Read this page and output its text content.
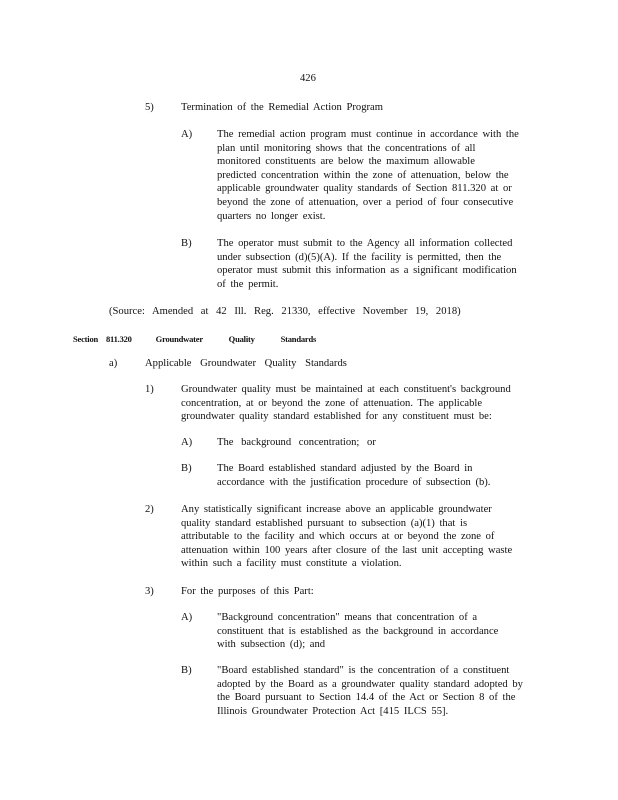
426
5)	Termination of the Remedial Action Program
A) The remedial action program must continue in accordance with the
plan until monitoring shows that the concentrations of all
monitored constituents are below the maximum allowable
predicted concentration within the zone of attenuation, below the
applicable groundwater quality standards of Section 811.320 at or
beyond the zone of attenuation, over a period of four consecutive
quarters no longer exist.
B) The operator must submit to the Agency all information collected
under subsection (d)(5)(A). If the facility is permitted, then the
operator must submit this information as a significant modification
of the permit.
(Source: Amended at 42 Ill. Reg. 21330, effective November 19, 2018)
Section 811.320	Groundwater Quality Standards
a)	Applicable Groundwater Quality Standards
1)	Groundwater quality must be maintained at each constituent's background
concentration, at or beyond the zone of attenuation. The applicable
groundwater quality standard established for any constituent must be:
A) The background concentration; or
B) The Board established standard adjusted by the Board in
accordance with the justification procedure of subsection (b).
2)	Any statistically significant increase above an applicable groundwater
quality standard established pursuant to subsection (a)(1) that is
attributable to the facility and which occurs at or beyond the zone of
attenuation within 100 years after closure of the last unit accepting waste
within such a facility must constitute a violation.
3)	For the purposes of this Part:
A) "Background concentration" means that concentration of a
constituent that is established as the background in accordance
with subsection (d); and
B) "Board established standard" is the concentration of a constituent
adopted by the Board as a groundwater quality standard adopted by
the Board pursuant to Section 14.4 of the Act or Section 8 of the
Illinois Groundwater Protection Act [415 ILCS 55].
